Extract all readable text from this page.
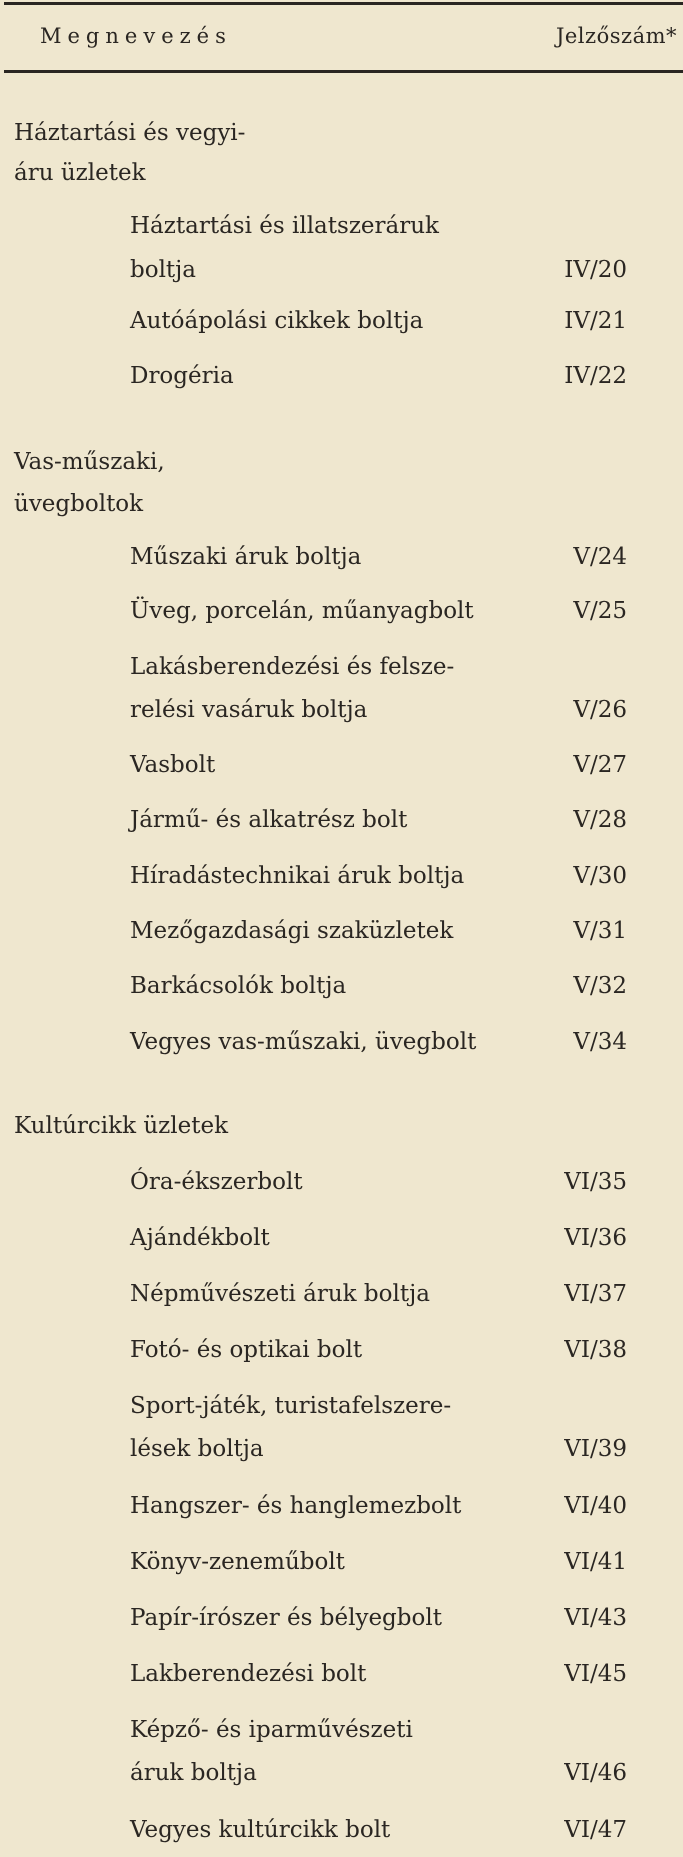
Megnevezés	Jelzőszám*
Háztartási és vegyi-
áru üzletek
Háztartási és illatszeráruk
boltja	IV/20
Autóápolási cikkek boltja	IV/21
Drogéria	IV/22
Vas-műszaki,
üvegboltok
Műszaki áruk boltja	V/24
Üveg, porcelán, műanyagbolt	V/25
Lakásberendezési és felsze-
relési vasáruk boltja	V/26
Vasbolt	V/27
Jármű- és alkatrész bolt	V/28
Híradástechnikai áruk boltja	V/30
Mezőgazdasági szaküzletek	V/31
Barkácsolók boltja	V/32
Vegyes vas-műszaki, üvegbolt	V/34
Kultúrcikk üzletek
Óra-ékszerbolt	VI/35
Ajándékbolt	VI/36
Népművészeti áruk boltja	VI/37
Fotó- és optikai bolt	VI/38
Sport-játék, turistafelszere-
lések boltja	VI/39
Hangszer- és hanglemezbolt	VI/40
Könyv-zeneműbolt	VI/41
Papír-írószer és bélyegbolt	VI/43
Lakberendezési bolt	VI/45
Képző- és iparművészeti
áruk boltja	VI/46
Vegyes kultúrcikk bolt	VI/47
